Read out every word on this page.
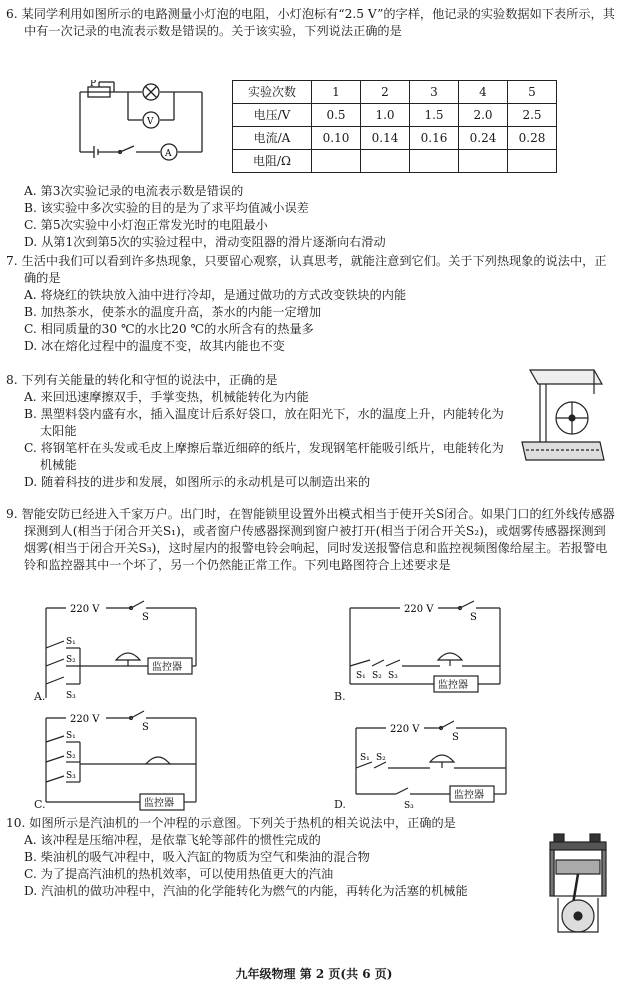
6. 某同学利用如图所示的电路测量小灯泡的电阻，小灯泡标有“2.5 V”的字样，他记录的实验数据如下表所示，其中有一次记录的电流表示数是错误的。关于该实验，下列说法正确的是

P
V
A
实验次数	1	2	3	4	5
电压/V	0.5	1.0	1.5	2.0	2.5
电流/A	0.10	0.14	0.16	0.24	0.28
电阻/Ω					

A. 第3次实验记录的电流表示数是错误的

B. 该实验中多次实验的目的是为了求平均值减小误差

C. 第5次实验中小灯泡正常发光时的电阻最小

D. 从第1次到第5次的实验过程中，滑动变阻器的滑片逐渐向右滑动

7. 生活中我们可以看到许多热现象，只要留心观察，认真思考，就能注意到它们。关于下列热现象的说法中，正确的是

A. 将烧红的铁块放入油中进行冷却，是通过做功的方式改变铁块的内能

B. 加热茶水，使茶水的温度升高，茶水的内能一定增加

C. 相同质量的30 ℃的水比20 ℃的水所含有的热量多

D. 冰在熔化过程中的温度不变，故其内能也不变

8. 下列有关能量的转化和守恒的说法中，正确的是

A. 来回迅速摩擦双手，手掌变热，机械能转化为内能

B. 黑塑料袋内盛有水，插入温度计后系好袋口，放在阳光下，水的温度上升，内能转化为太阳能

C. 将钢笔杆在头发或毛皮上摩擦后靠近细碎的纸片，发现钢笔杆能吸引纸片，电能转化为机械能

D. 随着科技的进步和发展，如图所示的永动机是可以制造出来的

9. 智能安防已经进入千家万户。出门时，在智能锁里设置外出模式相当于使开关S闭合。如果门口的红外线传感器探测到人(相当于闭合开关S₁)，或者窗户传感器探测到窗户被打开(相当于闭合开关S₂)，或烟雾传感器探测到烟雾(相当于闭合开关S₃)，这时屋内的报警电铃会响起，同时发送报警信息和监控视频图像给屋主。若报警电铃和监控器其中一个坏了，另一个仍然能正常工作。下列电路图符合上述要求是

220 V
S
S₁
S₂
S₃
监控器
A.
220 V
S
S₁ S₂ S₃
监控器
B.
220 V
S
S₁
S₂
S₃
监控器
C.
220 V
S
S₁ S₂
S₃
监控器
D.

10. 如图所示是汽油机的一个冲程的示意图。下列关于热机的相关说法中，正确的是

A. 该冲程是压缩冲程，是依靠飞轮等部件的惯性完成的

B. 柴油机的吸气冲程中，吸入汽缸的物质为空气和柴油的混合物

C. 为了提高汽油机的热机效率，可以使用热值更大的汽油

D. 汽油机的做功冲程中，汽油的化学能转化为燃气的内能，再转化为活塞的机械能

九年级物理 第 2 页(共 6 页)
